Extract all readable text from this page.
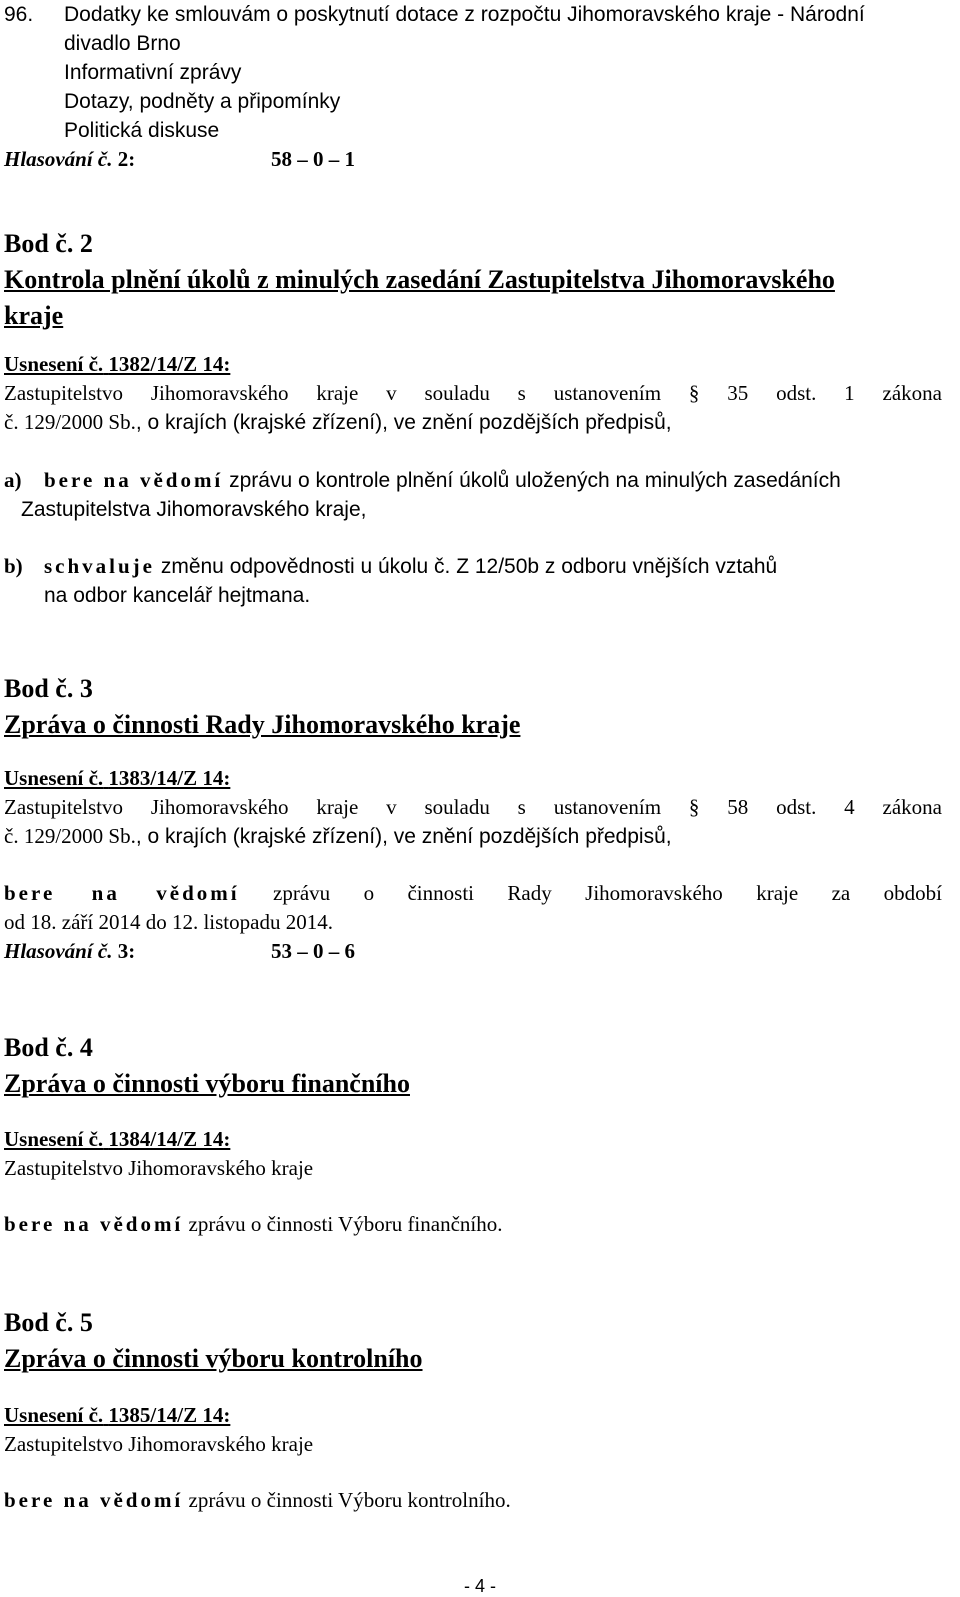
96. Dodatky ke smlouvám o poskytnutí dotace z rozpočtu Jihomoravského kraje - Národní
divadlo Brno
Informativní zprávy
Dotazy, podněty a připomínky
Politická diskuse
Hlasování č. 2:	58 – 0 – 1
Bod č. 2
Kontrola plnění úkolů z minulých zasedání Zastupitelstva Jihomoravského
kraje
Usnesení č. 1382/14/Z 14:
Zastupitelstvo Jihomoravského kraje v souladu s ustanovením § 35 odst. 1 zákona
č. 129/2000 Sb., o krajích (krajské zřízení), ve znění pozdějších předpisů,
a) bere na vědomí zprávu o kontrole plnění úkolů uložených na minulých zasedáních
Zastupitelstva Jihomoravského kraje,
b) schvaluje změnu odpovědnosti u úkolu č. Z 12/50b z odboru vnějších vztahů
na odbor kancelář hejtmana.
Bod č. 3
Zpráva o činnosti Rady Jihomoravského kraje
Usnesení č. 1383/14/Z 14:
Zastupitelstvo Jihomoravského kraje v souladu s ustanovením § 58 odst. 4 zákona
č. 129/2000 Sb., o krajích (krajské zřízení), ve znění pozdějších předpisů,
bere na vědomí zprávu o činnosti Rady Jihomoravského kraje za období
od 18. září 2014 do 12. listopadu 2014.
Hlasování č. 3:	53 – 0 – 6
Bod č. 4
Zpráva o činnosti výboru finančního
Usnesení č. 1384/14/Z 14:
Zastupitelstvo Jihomoravského kraje
bere na vědomí zprávu o činnosti Výboru finančního.
Bod č. 5
Zpráva o činnosti výboru kontrolního
Usnesení č. 1385/14/Z 14:
Zastupitelstvo Jihomoravského kraje
bere na vědomí zprávu o činnosti Výboru kontrolního.
- 4 -
